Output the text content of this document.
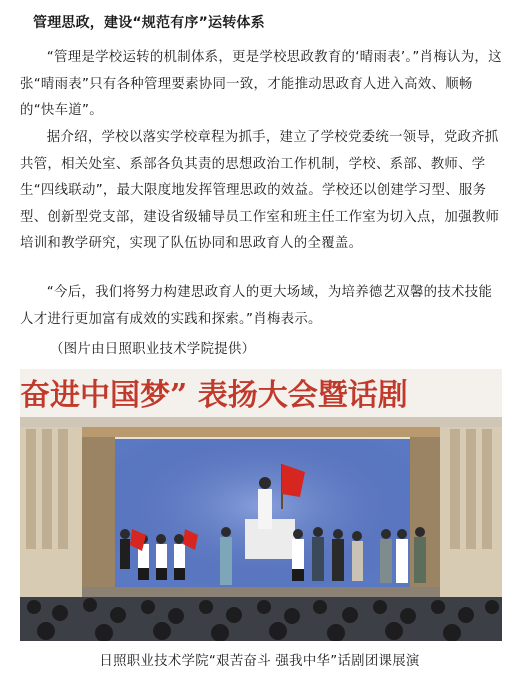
管理思政，建设“规范有序”运转体系

“管理是学校运转的机制体系，更是学校思政教育的‘晴雨表’。”肖梅认为，这张“晴雨表”只有各种管理要素协同一致，才能推动思政育人进入高效、顺畅的“快车道”。

据介绍，学校以落实学校章程为抓手，建立了学校党委统一领导，党政齐抓共管，相关处室、系部各负其责的思想政治工作机制，学校、系部、教师、学生“四线联动”，最大限度地发挥管理思政的效益。学校还以创建学习型、服务型、创新型党支部，建设省级辅导员工作室和班主任工作室为切入点，加强教师培训和教学研究，实现了队伍协同和思政育人的全覆盖。

“今后，我们将努力构建思政育人的更大场域，为培养德艺双馨的技术技能人才进行更加富有成效的实践和探索。”肖梅表示。

（图片由日照职业技术学院提供）
奋进中国梦” 表扬大会暨话剧
日照职业技术学院“艰苦奋斗 强我中华”话剧团课展演
